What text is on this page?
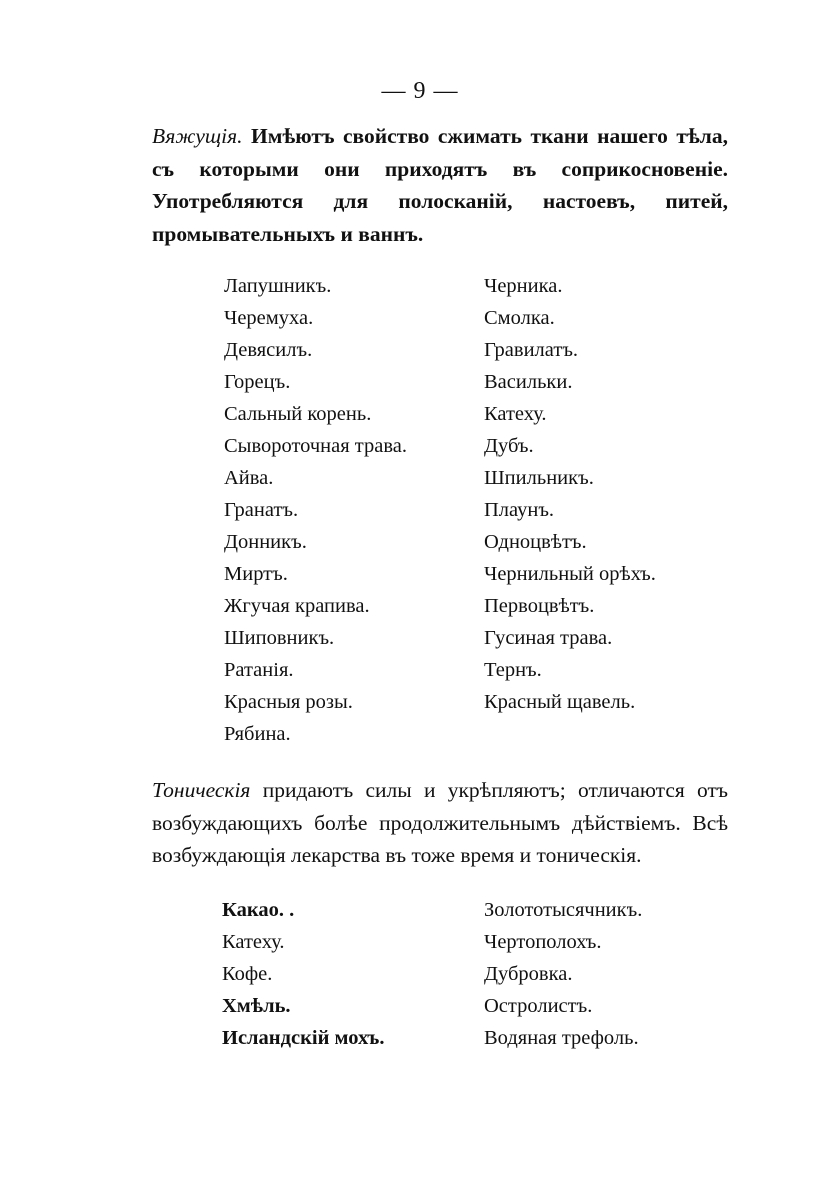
— 9 —

Вяжущія. Имѣютъ свойство сжимать ткани нашего тѣла, съ которыми они приходятъ въ соприкосновеніе. Употребляются для полосканій, настоевъ, питей, промывательныхъ и ваннъ.

Лапушникъ.
Черемуха.
Девясилъ.
Горецъ.
Сальный корень.
Сывороточная трава.
Айва.
Гранатъ.
Донникъ.
Миртъ.
Жгучая крапива.
Шиповникъ.
Ратанія.
Красныя розы.
Рябина.
Черника.
Смолка.
Гравилатъ.
Васильки.
Катеху.
Дубъ.
Шпильникъ.
Плаунъ.
Одноцвѣтъ.
Чернильный орѣхъ.
Первоцвѣтъ.
Гусиная трава.
Тернъ.
Красный щавель.

Тоническія придаютъ силы и укрѣпляютъ; отличаются отъ возбуждающихъ болѣе продолжительнымъ дѣйствіемъ. Всѣ возбуждающія лекарства въ тоже время и тоническія.

Какао. .
Катеху.
Кофе.
Хмѣль.
Исландскій мохъ.
Золототысячникъ.
Чертополохъ.
Дубровка.
Остролистъ.
Водяная трефоль.
